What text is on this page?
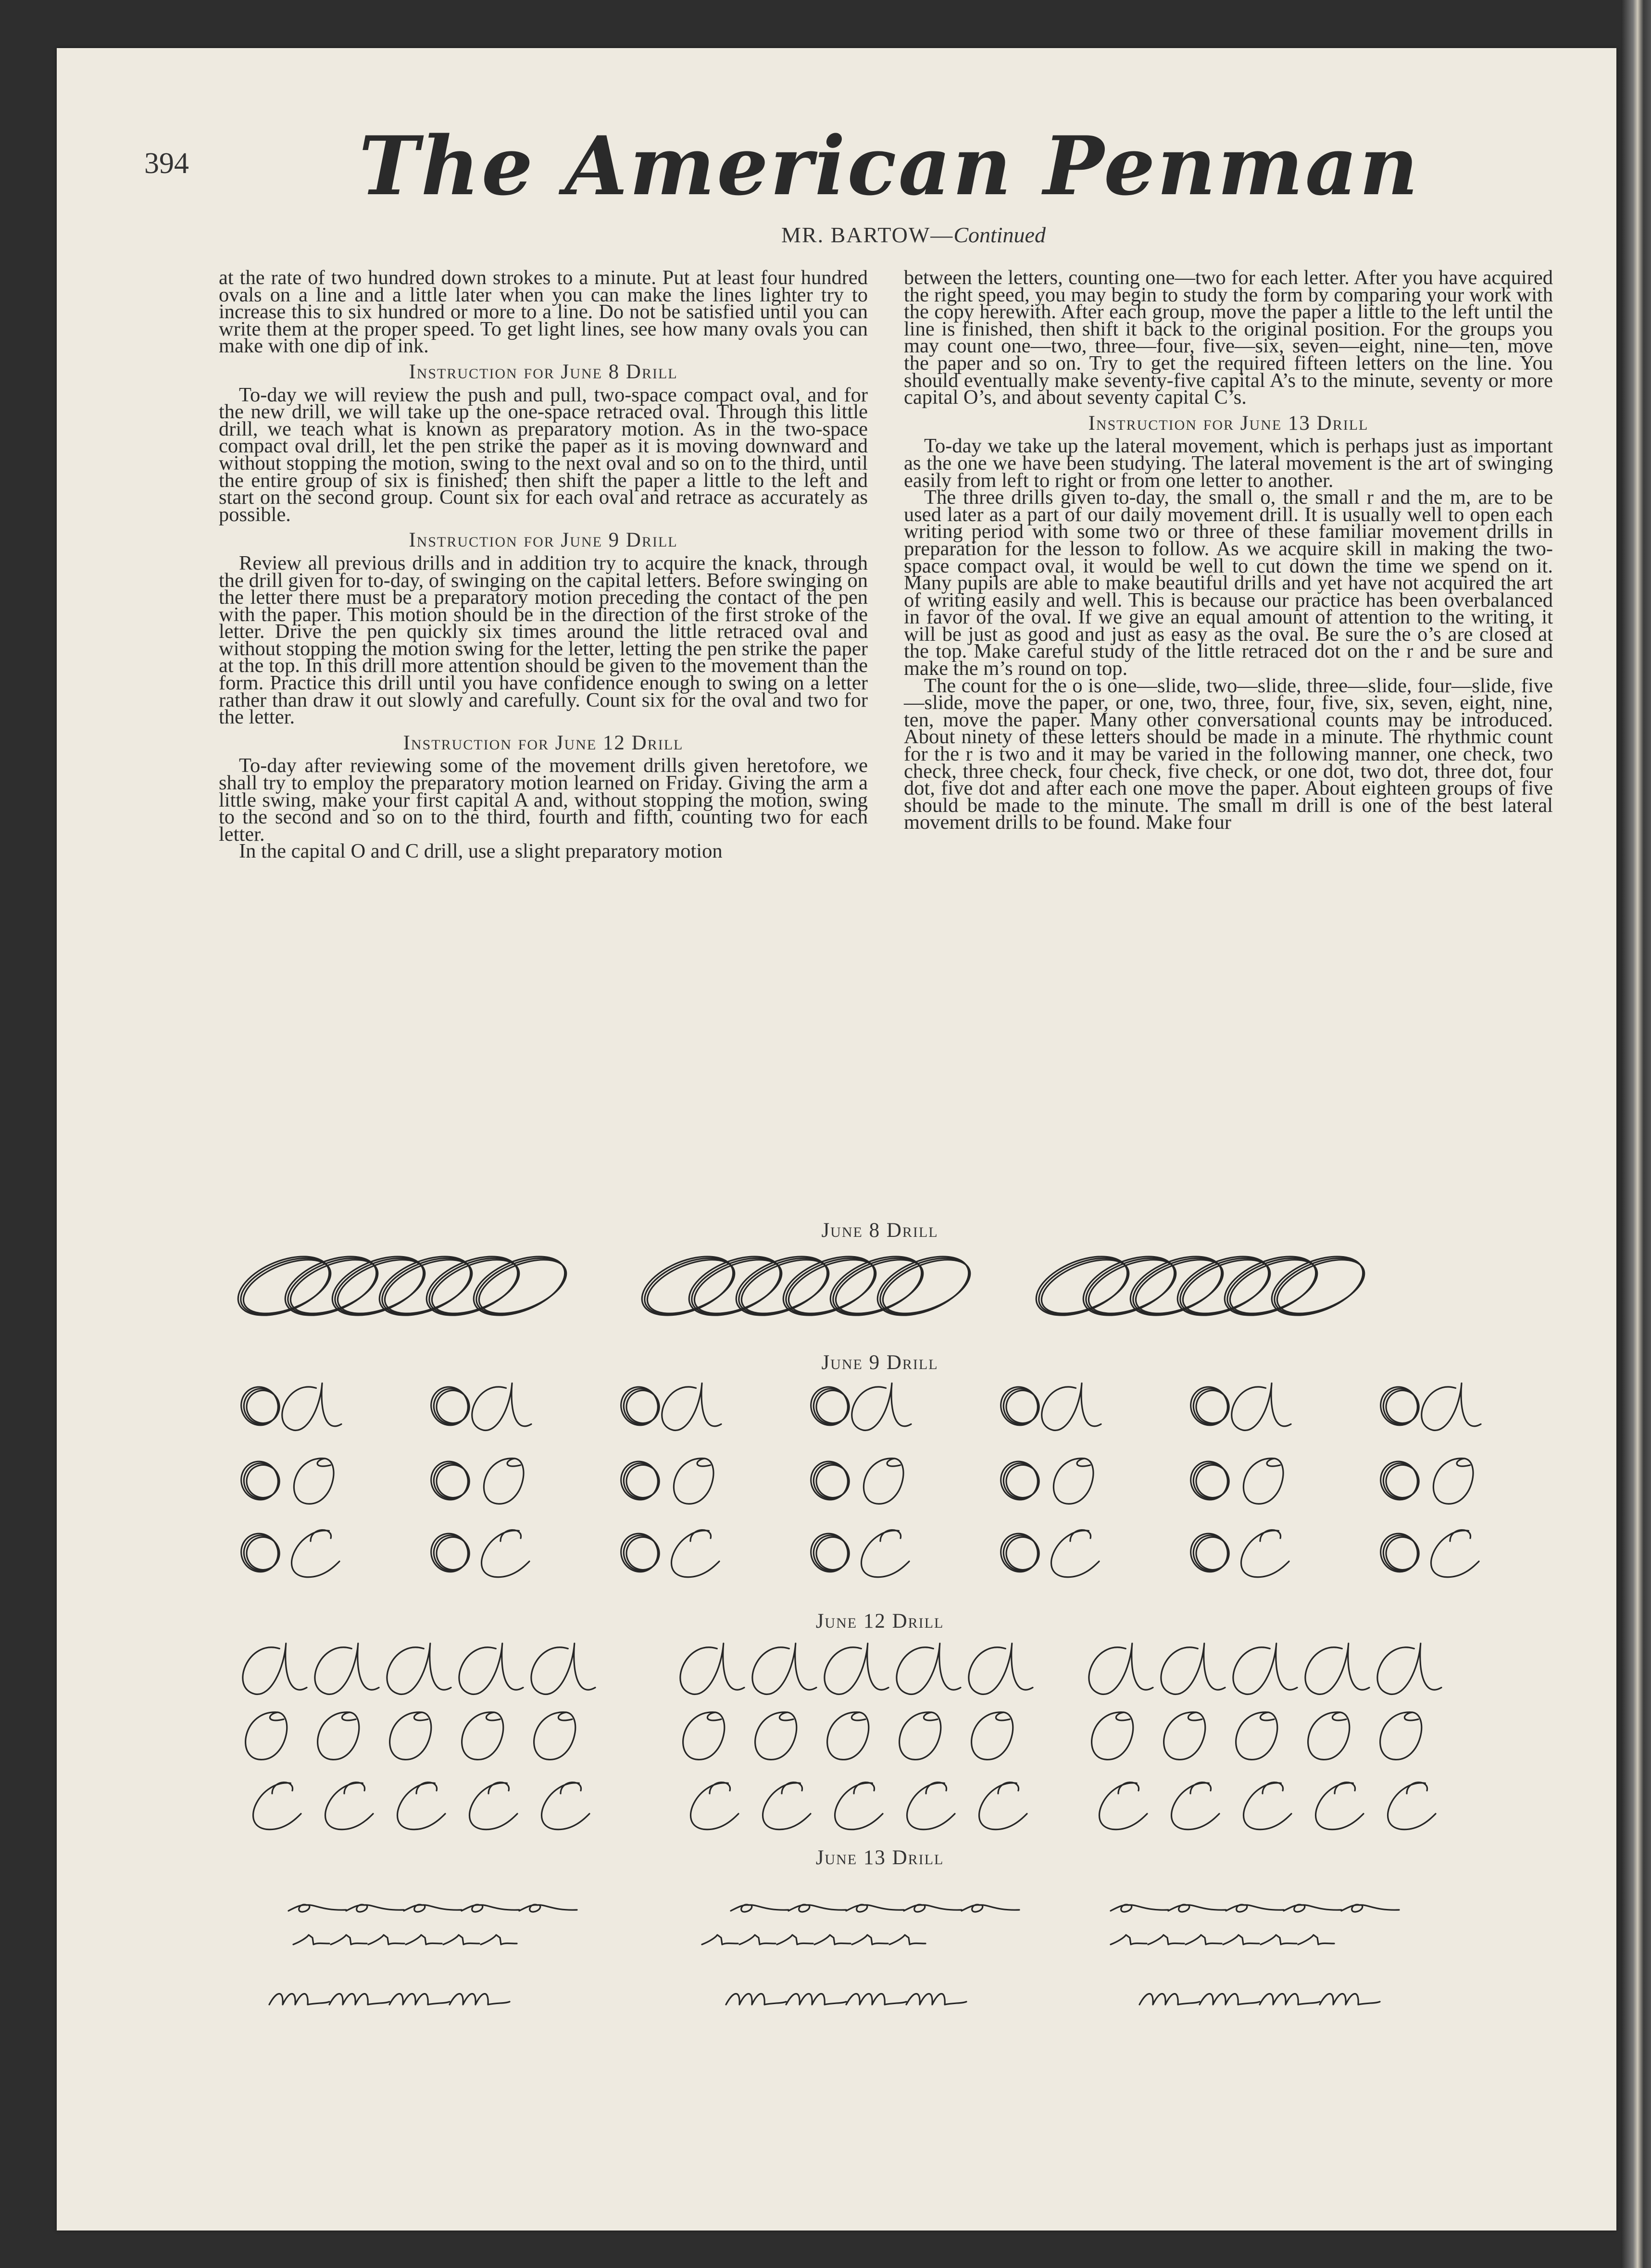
394 The American Penman
MR. BARTOW—Continued

at the rate of two hundred down strokes to a minute. Put at least four hundred ovals on a line and a little later when you can make the lines lighter try to increase this to six hundred or more to a line. Do not be satisfied until you can write them at the proper speed. To get light lines, see how many ovals you can make with one dip of ink.

Instruction for June 8 Drill

To-day we will review the push and pull, two-space compact oval, and for the new drill, we will take up the one-space retraced oval. Through this little drill, we teach what is known as preparatory motion. As in the two-space compact oval drill, let the pen strike the paper as it is moving downward and without stopping the motion, swing to the next oval and so on to the third, until the entire group of six is finished; then shift the paper a little to the left and start on the second group. Count six for each oval and retrace as accurately as possible.

Instruction for June 9 Drill

Review all previous drills and in addition try to acquire the knack, through the drill given for to-day, of swinging on the capital letters. Before swinging on the letter there must be a preparatory motion preceding the contact of the pen with the paper. This motion should be in the direction of the first stroke of the letter. Drive the pen quickly six times around the little retraced oval and without stopping the motion swing for the letter, letting the pen strike the paper at the top. In this drill more attention should be given to the movement than the form. Practice this drill until you have confidence enough to swing on a letter rather than draw it out slowly and carefully. Count six for the oval and two for the letter.

Instruction for June 12 Drill

To-day after reviewing some of the movement drills given heretofore, we shall try to employ the preparatory motion learned on Friday. Giving the arm a little swing, make your first capital A and, without stopping the motion, swing to the second and so on to the third, fourth and fifth, counting two for each letter.

In the capital O and C drill, use a slight preparatory motion

between the letters, counting one—two for each letter. After you have acquired the right speed, you may begin to study the form by comparing your work with the copy herewith. After each group, move the paper a little to the left until the line is finished, then shift it back to the original position. For the groups you may count one—two, three—four, five—six, seven—eight, nine—ten, move the paper and so on. Try to get the required fifteen letters on the line. You should eventually make seventy-five capital A’s to the minute, seventy or more capital O’s, and about seventy capital C’s.

Instruction for June 13 Drill

To-day we take up the lateral movement, which is perhaps just as important as the one we have been studying. The lateral movement is the art of swinging easily from left to right or from one letter to another.

The three drills given to-day, the small o, the small r and the m, are to be used later as a part of our daily movement drill. It is usually well to open each writing period with some two or three of these familiar movement drills in preparation for the lesson to follow. As we acquire skill in making the two-space compact oval, it would be well to cut down the time we spend on it. Many pupils are able to make beautiful drills and yet have not acquired the art of writing easily and well. This is because our practice has been overbalanced in favor of the oval. If we give an equal amount of attention to the writing, it will be just as good and just as easy as the oval. Be sure the o’s are closed at the top. Make careful study of the little retraced dot on the r and be sure and make the m’s round on top.

The count for the o is one—slide, two—slide, three—slide, four—slide, five—slide, move the paper, or one, two, three, four, five, six, seven, eight, nine, ten, move the paper. Many other conversational counts may be introduced. About ninety of these letters should be made in a minute. The rhythmic count for the r is two and it may be varied in the following manner, one check, two check, three check, four check, five check, or one dot, two dot, three dot, four dot, five dot and after each one move the paper. About eighteen groups of five should be made to the minute. The small m drill is one of the best lateral movement drills to be found. Make four

June 8 Drill
June 9 Drill
June 12 Drill
June 13 Drill
